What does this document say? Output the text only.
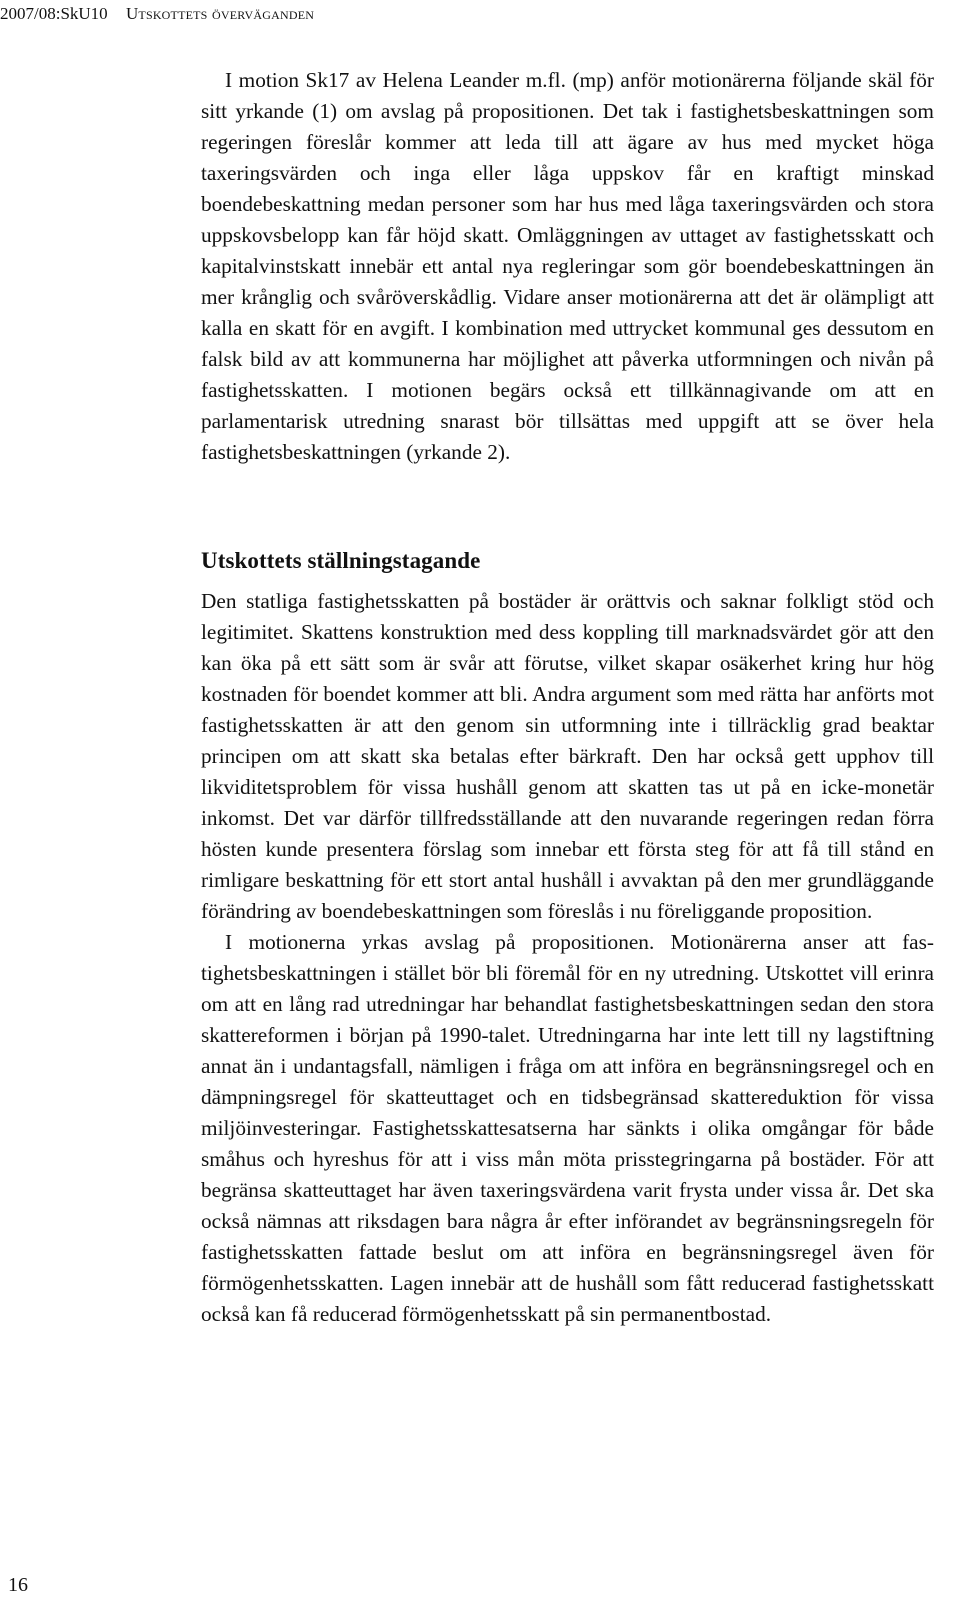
2007/08:SkU10 Utskottets överväganden

I motion Sk17 av Helena Leander m.fl. (mp) anför motionärerna följande skäl för sitt yrkande (1) om avslag på propositionen. Det tak i fastighetsbeskattningen som regeringen föreslår kommer att leda till att ägare av hus med mycket höga taxeringsvärden och inga eller låga uppskov får en kraftigt minskad boendebeskattning medan personer som har hus med låga taxeringsvärden och stora uppskovsbelopp kan får höjd skatt. Omläggningen av uttaget av fastighetsskatt och kapitalvinstskatt innebär ett antal nya regleringar som gör boendebeskattningen än mer krånglig och svåröverskådlig. Vidare anser motionärerna att det är olämpligt att kalla en skatt för en avgift. I kombination med uttrycket kommunal ges dessutom en falsk bild av att kommunerna har möjlighet att påverka utformningen och nivån på fastighetsskatten. I motionen begärs också ett tillkännagivande om att en parlamentarisk utredning snarast bör tillsättas med uppgift att se över hela fastighetsbeskattningen (yrkande 2).

Utskottets ställningstagande

Den statliga fastighetsskatten på bostäder är orättvis och saknar folkligt stöd och legitimitet. Skattens konstruktion med dess koppling till marknadsvärdet gör att den kan öka på ett sätt som är svår att förutse, vilket skapar osäkerhet kring hur hög kostnaden för boendet kommer att bli. Andra argument som med rätta har anförts mot fastighetsskatten är att den genom sin utformning inte i tillräcklig grad beaktar principen om att skatt ska betalas efter bärkraft. Den har också gett upphov till likviditetsproblem för vissa hushåll genom att skatten tas ut på en icke-monetär inkomst. Det var därför tillfredsställande att den nuvarande regeringen redan förra hösten kunde presentera förslag som innebar ett första steg för att få till stånd en rimligare beskattning för ett stort antal hushåll i avvaktan på den mer grundläggande förändring av boendebeskattningen som föreslås i nu föreliggande proposition.

I motionerna yrkas avslag på propositionen. Motionärerna anser att fastighetsbeskattningen i stället bör bli föremål för en ny utredning. Utskottet vill erinra om att en lång rad utredningar har behandlat fastighetsbeskattningen sedan den stora skattereformen i början på 1990-talet. Utredningarna har inte lett till ny lagstiftning annat än i undantagsfall, nämligen i fråga om att införa en begränsningsregel och en dämpningsregel för skatteuttaget och en tidsbegränsad skattereduktion för vissa miljöinvesteringar. Fastighetsskattesatserna har sänkts i olika omgångar för både småhus och hyreshus för att i viss mån möta prisstegringarna på bostäder. För att begränsa skatteuttaget har även taxeringsvärdena varit frysta under vissa år. Det ska också nämnas att riksdagen bara några år efter införandet av begränsningsregeln för fastighetsskatten fattade beslut om att införa en begränsningsregel även för förmögenhetsskatten. Lagen innebär att de hushåll som fått reducerad fastighetsskatt också kan få reducerad förmögenhetsskatt på sin permanentbostad.

16
